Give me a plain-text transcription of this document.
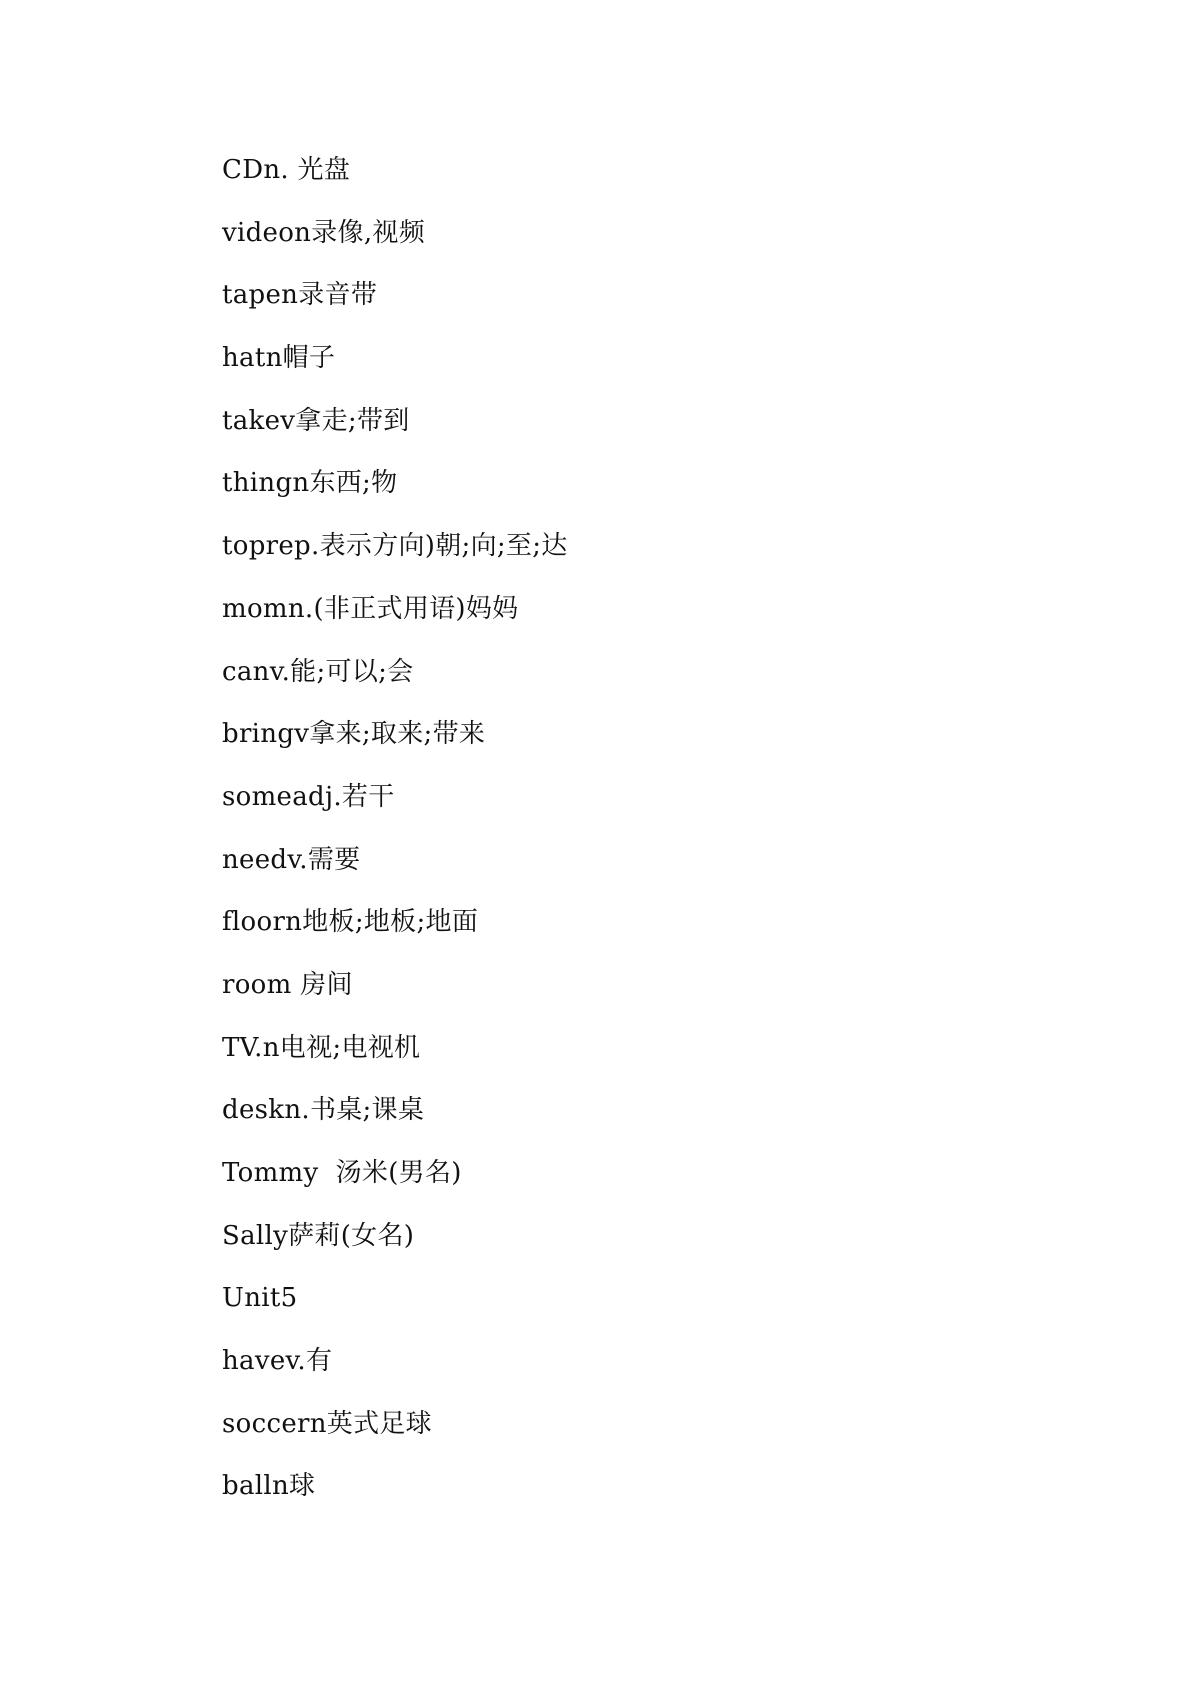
CDn. 光盘
videon录像,视频
tapen录音带
hatn帽子
takev拿走;带到
thingn东西;物
toprep.表示方向)朝;向;至;达
momn.(非正式用语)妈妈
canv.能;可以;会
bringv拿来;取来;带来
someadj.若干
needv.需要
floorn地板;地板;地面
room 房间
TV.n电视;电视机
deskn.书桌;课桌
Tommy  汤米(男名)
Sally萨莉(女名)
Unit5
havev.有
soccern英式足球
balln球
